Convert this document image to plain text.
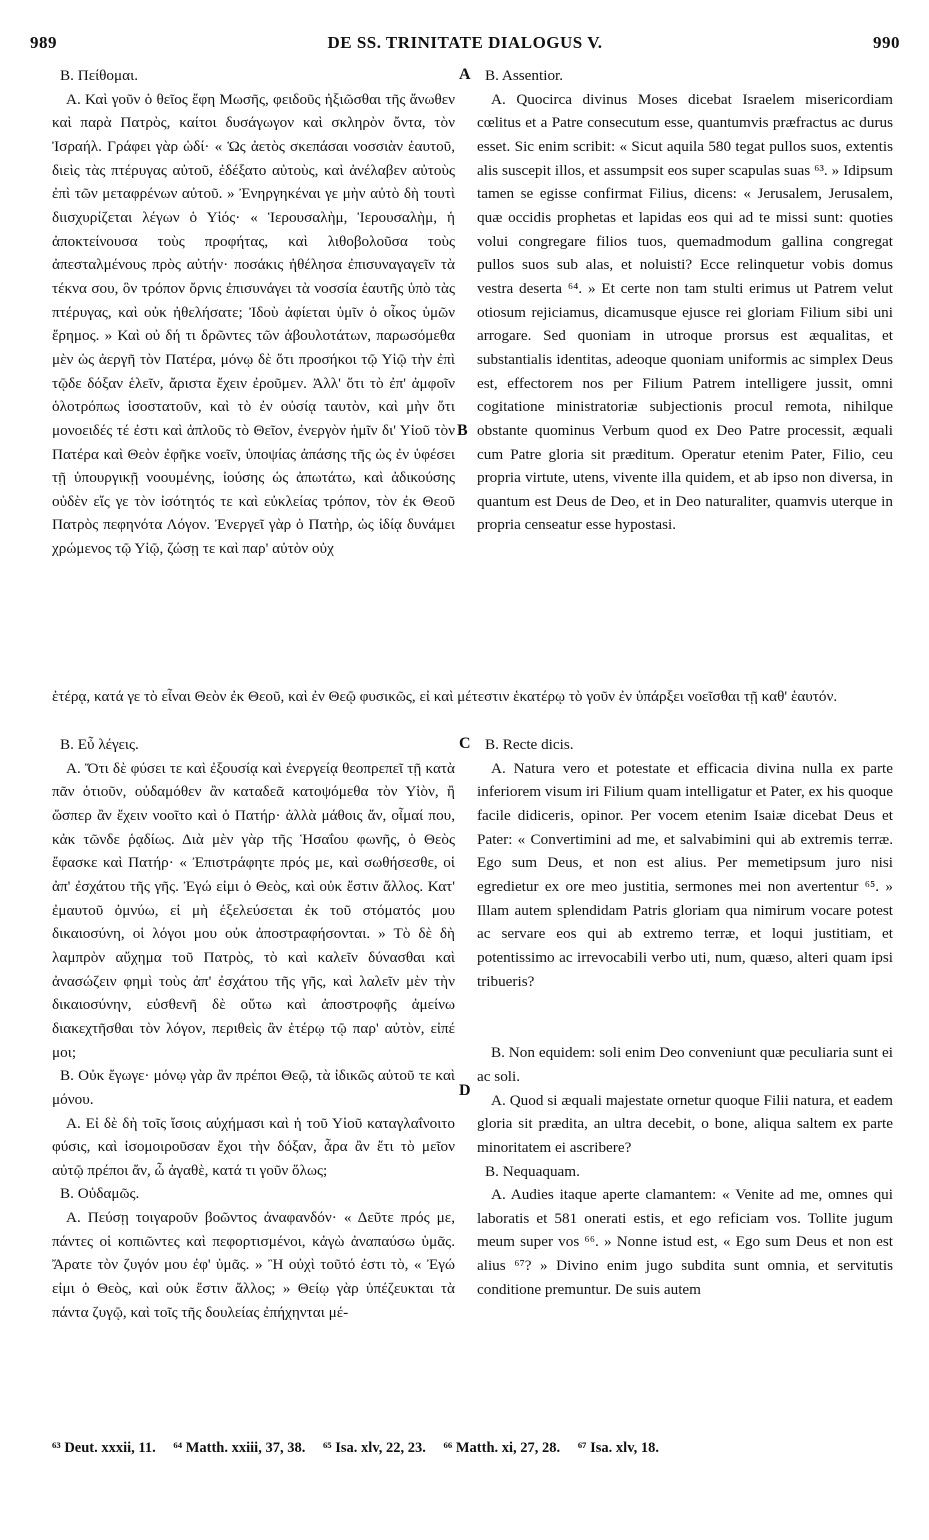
989	DE SS. TRINITATE DIALOGUS V.	990
A
B
C
D

B. Πείθομαι.

A. Καὶ γοῦν ὁ θεῖος ἔφη Μωσῆς, φειδοῦς ἠξιῶσθαι τῆς ἄνωθεν καὶ παρὰ Πατρὸς, καίτοι δυσάγωγον καὶ σκληρὸν ὄντα, τὸν Ἰσραήλ. Γράφει γὰρ ὡδί· « Ὡς ἀετὸς σκεπάσαι νοσσιὰν ἑαυτοῦ, διεὶς τὰς πτέρυγας αὐτοῦ, ἐδέξατο αὐτοὺς, καὶ ἀνέλαβεν αὐτοὺς ἐπὶ τῶν μεταφρένων αὐτοῦ. » Ἐνηργηκέναι γε μὴν αὐτὸ δὴ τουτὶ διισχυρίζεται λέγων ὁ Υἱός· « Ἱερουσαλὴμ, Ἱερουσαλὴμ, ἡ ἀποκτείνουσα τοὺς προφήτας, καὶ λιθοβολοῦσα τοὺς ἀπεσταλμένους πρὸς αὐτήν· ποσάκις ἠθέλησα ἐπισυναγαγεῖν τὰ τέκνα σου, ὃν τρόπον ὄρνις ἐπισυνάγει τὰ νοσσία ἑαυτῆς ὑπὸ τὰς πτέρυγας, καὶ οὐκ ἠθελήσατε; Ἰδοὺ ἀφίεται ὑμῖν ὁ οἶκος ὑμῶν ἔρημος. » Καὶ οὐ δή τι δρῶντες τῶν ἀβουλοτάτων, παρωσόμεθα μὲν ὡς ἀεργῆ τὸν Πατέρα, μόνῳ δὲ ὅτι προσήκοι τῷ Υἱῷ τὴν ἐπὶ τῷδε δόξαν ἑλεῖν, ἄριστα ἔχειν ἐροῦμεν. Ἀλλ' ὅτι τὸ ἐπ' ἀμφοῖν ὁλοτρόπως ἰσοστατοῦν, καὶ τὸ ἐν οὐσίᾳ ταυτὸν, καὶ μὴν ὅτι μονοειδές τέ ἐστι καὶ ἁπλοῦς τὸ Θεῖον, ἐνεργὸν ἡμῖν δι' Υἱοῦ τὸν Πατέρα καὶ Θεὸν ἐφῆκε νοεῖν, ὑποψίας ἀπάσης τῆς ὡς ἐν ὑφέσει τῇ ὑπουργικῇ νοουμένης, ἰούσης ὡς ἀπωτάτω, καὶ ἀδικούσης οὐδὲν εἴς γε τὸν ἰσότητός τε καὶ εὐκλείας τρόπον, τὸν ἐκ Θεοῦ Πατρὸς πεφηνότα Λόγον. Ἐνεργεῖ γὰρ ὁ Πατὴρ, ὡς ἰδίᾳ δυνάμει χρώμενος τῷ Υἱῷ, ζώσῃ τε καὶ παρ' αὐτὸν οὐχ

B. Assentior.

A. Quocirca divinus Moses dicebat Israelem misericordiam cœlitus et a Patre consecutum esse, quantumvis præfractus ac durus esset. Sic enim scribit: « Sicut aquila 580 tegat pullos suos, extentis alis suscepit illos, et assumpsit eos super scapulas suas ⁶³. » Idipsum tamen se egisse confirmat Filius, dicens: « Jerusalem, Jerusalem, quæ occidis prophetas et lapidas eos qui ad te missi sunt: quoties volui congregare filios tuos, quemadmodum gallina congregat pullos suos sub alas, et noluisti? Ecce relinquetur vobis domus vestra deserta ⁶⁴. » Et certe non tam stulti erimus ut Patrem velut otiosum rejiciamus, dicamusque ejusce rei gloriam Filium sibi uni arrogare. Sed quoniam in utroque prorsus est æqualitas, et substantialis identitas, adeoque quoniam uniformis ac simplex Deus est, effectorem nos per Filium Patrem intelligere jussit, omni cogitatione ministratoriæ subjectionis procul remota, nihilque obstante quominus Verbum quod ex Deo Patre processit, æquali cum Patre gloria sit præditum. Operatur etenim Pater, Filio, ceu propria virtute, utens, vivente illa quidem, et ab ipso non diversa, in quantum est Deus de Deo, et in Deo naturaliter, quamvis uterque in propria censeatur esse hypostasi.

ἑτέρᾳ, κατά γε τὸ εἶναι Θεὸν ἐκ Θεοῦ, καὶ ἐν Θεῷ φυσικῶς, εἰ καὶ μέτεστιν ἑκατέρῳ τὸ γοῦν ἐν ὑπάρξει νοεῖσθαι τῇ καθ' ἑαυτόν.

B. Εὖ λέγεις.

A. Ὅτι δὲ φύσει τε καὶ ἐξουσίᾳ καὶ ἐνεργείᾳ θεοπρεπεῖ τῇ κατὰ πᾶν ὁτιοῦν, οὐδαμόθεν ἂν καταδεᾶ κατοψόμεθα τὸν Υἱὸν, ἢ ὥσπερ ἂν ἔχειν νοοῖτο καὶ ὁ Πατήρ· ἀλλὰ μάθοις ἄν, οἶμαί που, κἀκ τῶνδε ῥᾳδίως. Διὰ μὲν γὰρ τῆς Ἡσαΐου φωνῆς, ὁ Θεὸς ἔφασκε καὶ Πατήρ· « Ἐπιστράφητε πρός με, καὶ σωθήσεσθε, οἱ ἀπ' ἐσχάτου τῆς γῆς. Ἐγώ εἰμι ὁ Θεὸς, καὶ οὐκ ἔστιν ἄλλος. Κατ' ἐμαυτοῦ ὀμνύω, εἰ μὴ ἐξελεύσεται ἐκ τοῦ στόματός μου δικαιοσύνη, οἱ λόγοι μου οὐκ ἀποστραφήσονται. » Τὸ δὲ δὴ λαμπρὸν αὔχημα τοῦ Πατρὸς, τὸ καὶ καλεῖν δύνασθαι καὶ ἀνασώζειν φημὶ τοὺς ἀπ' ἐσχάτου τῆς γῆς, καὶ λαλεῖν μὲν τὴν δικαιοσύνην, εὐσθενῆ δὲ οὕτω καὶ ἀποστροφῆς ἀμείνω διακεχτῆσθαι τὸν λόγον, περιθεὶς ἂν ἑτέρῳ τῷ παρ' αὐτὸν, εἰπέ μοι;

B. Οὐκ ἔγωγε· μόνῳ γὰρ ἂν πρέποι Θεῷ, τὰ ἰδικῶς αὐτοῦ τε καὶ μόνου.

A. Εἰ δὲ δὴ τοῖς ἴσοις αὐχήμασι καὶ ἡ τοῦ Υἱοῦ καταγλαΐνοιτο φύσις, καὶ ἰσομοιροῦσαν ἔχοι τὴν δόξαν, ἆρα ἂν ἔτι τὸ μεῖον αὐτῷ πρέποι ἄν, ὦ ἀγαθὲ, κατά τι γοῦν ὅλως;

B. Οὐδαμῶς.

A. Πεύσῃ τοιγαροῦν βοῶντος ἀναφανδόν· « Δεῦτε πρός με, πάντες οἱ κοπιῶντες καὶ πεφορτισμένοι, κἀγὼ ἀναπαύσω ὑμᾶς. Ἄρατε τὸν ζυγόν μου ἐφ' ὑμᾶς. » Ἢ οὐχὶ τοῦτό ἐστι τὸ, « Ἐγώ εἰμι ὁ Θεὸς, καὶ οὐκ ἔστιν ἄλλος; » Θείῳ γὰρ ὑπέζευκται τὰ πάντα ζυγῷ, καὶ τοῖς τῆς δουλείας ἐπήχηνται μέ-

B. Recte dicis.

A. Natura vero et potestate et efficacia divina nulla ex parte inferiorem visum iri Filium quam intelligatur et Pater, ex his quoque facile didiceris, opinor. Per vocem etenim Isaiæ dicebat Deus et Pater: « Convertimini ad me, et salvabimini qui ab extremis terræ. Ego sum Deus, et non est alius. Per memetipsum juro nisi egredietur ex ore meo justitia, sermones mei non avertentur ⁶⁵. » Illam autem splendidam Patris gloriam qua nimirum vocare potest ac servare eos qui ab extremo terræ, et loqui justitiam, et potentissimo ac irrevocabili verbo uti, num, quæso, alteri quam ipsi tribueris?

B. Non equidem: soli enim Deo conveniunt quæ peculiaria sunt ei ac soli.

A. Quod si æquali majestate ornetur quoque Filii natura, et eadem gloria sit prædita, an ultra decebit, o bone, aliqua saltem ex parte minoritatem ei ascribere?

B. Nequaquam.

A. Audies itaque aperte clamantem: « Venite ad me, omnes qui laboratis et 581 onerati estis, et ego reficiam vos. Tollite jugum meum super vos ⁶⁶. » Nonne istud est, « Ego sum Deus et non est alius ⁶⁷? » Divino enim jugo subdita sunt omnia, et servitutis conditione premuntur. De suis autem

⁶³ Deut. xxxii, 11. ⁶⁴ Matth. xxiii, 37, 38. ⁶⁵ Isa. xlv, 22, 23. ⁶⁶ Matth. xi, 27, 28. ⁶⁷ Isa. xlv, 18.
